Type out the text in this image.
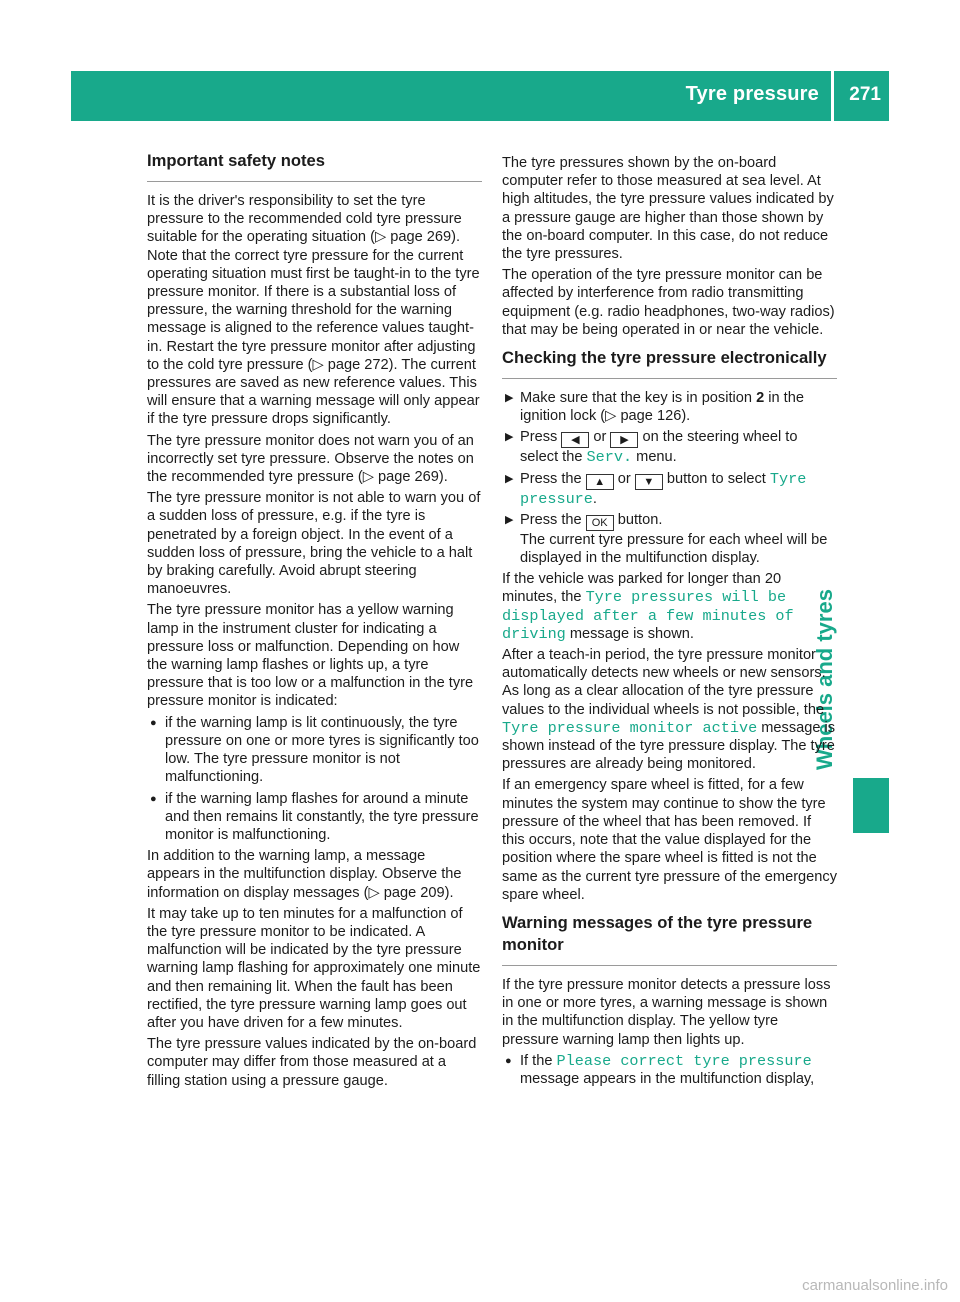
Tyre pressure 271
Wheels and tyres
Important safety notes

It is the driver's responsibility to set the tyre pressure to the recommended cold tyre pressure suitable for the operating situation (▷ page 269). Note that the correct tyre pressure for the current operating situation must first be taught-in to the tyre pressure monitor. If there is a substantial loss of pressure, the warning threshold for the warning message is aligned to the reference values taught-in. Restart the tyre pressure monitor after adjusting to the cold tyre pressure (▷ page 272). The current pressures are saved as new reference values. This will ensure that a warning message will only appear if the tyre pressure drops significantly.

The tyre pressure monitor does not warn you of an incorrectly set tyre pressure. Observe the notes on the recommended tyre pressure (▷ page 269).

The tyre pressure monitor is not able to warn you of a sudden loss of pressure, e.g. if the tyre is penetrated by a foreign object. In the event of a sudden loss of pressure, bring the vehicle to a halt by braking carefully. Avoid abrupt steering manoeuvres.

The tyre pressure monitor has a yellow warning lamp in the instrument cluster for indicating a pressure loss or malfunction. Depending on how the warning lamp flashes or lights up, a tyre pressure that is too low or a malfunction in the tyre pressure monitor is indicated:

● if the warning lamp is lit continuously, the tyre pressure on one or more tyres is significantly too low. The tyre pressure monitor is not malfunctioning.
● if the warning lamp flashes for around a minute and then remains lit constantly, the tyre pressure monitor is malfunctioning.

In addition to the warning lamp, a message appears in the multifunction display. Observe the information on display messages (▷ page 209).

It may take up to ten minutes for a malfunction of the tyre pressure monitor to be indicated. A malfunction will be indicated by the tyre pressure warning lamp flashing for approximately one minute and then remaining lit. When the fault has been rectified, the tyre pressure warning lamp goes out after you have driven for a few minutes.

The tyre pressure values indicated by the on-board computer may differ from those measured at a filling station using a pressure gauge.

The tyre pressures shown by the on-board computer refer to those measured at sea level. At high altitudes, the tyre pressure values indicated by a pressure gauge are higher than those shown by the on-board computer. In this case, do not reduce the tyre pressures.

The operation of the tyre pressure monitor can be affected by interference from radio transmitting equipment (e.g. radio headphones, two-way radios) that may be being operated in or near the vehicle.

Checking the tyre pressure electronically
▶ Make sure that the key is in position 2 in the ignition lock (▷ page 126).
▶ Press ◀ or ▶ on the steering wheel to select the Serv. menu.
▶ Press the ▲ or ▼ button to select Tyre pressure.
▶ Press the OK button.
The current tyre pressure for each wheel will be displayed in the multifunction display.

If the vehicle was parked for longer than 20 minutes, the Tyre pressures will be displayed after a few minutes of driving message is shown.

After a teach-in period, the tyre pressure monitor automatically detects new wheels or new sensors. As long as a clear allocation of the tyre pressure values to the individual wheels is not possible, the Tyre pressure monitor active message is shown instead of the tyre pressure display. The tyre pressures are already being monitored.

If an emergency spare wheel is fitted, for a few minutes the system may continue to show the tyre pressure of the wheel that has been removed. If this occurs, note that the value displayed for the position where the spare wheel is fitted is not the same as the current tyre pressure of the emergency spare wheel.

Warning messages of the tyre pressure monitor

If the tyre pressure monitor detects a pressure loss in one or more tyres, a warning message is shown in the multifunction display. The yellow tyre pressure warning lamp then lights up.

● If the Please correct tyre pressure
message appears in the multifunction display,
carmanualsonline.info
